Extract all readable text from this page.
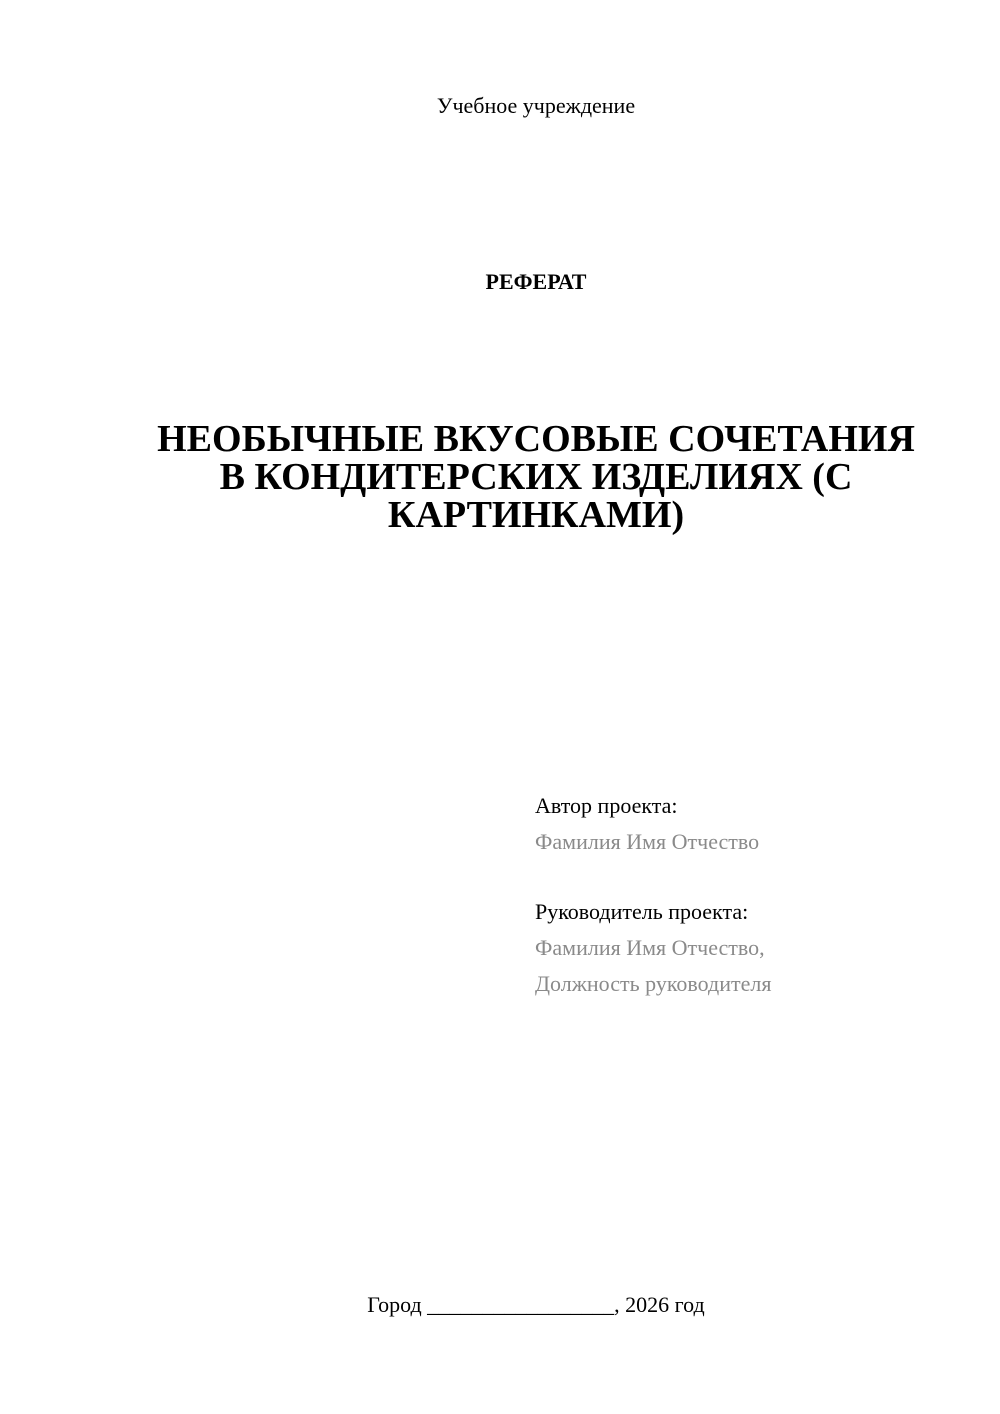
Учебное учреждение
РЕФЕРАТ
НЕОБЫЧНЫЕ ВКУСОВЫЕ СОЧЕТАНИЯ
В КОНДИТЕРСКИХ ИЗДЕЛИЯХ (С
КАРТИНКАМИ)
Автор проекта:
Фамилия Имя Отчество
Руководитель проекта:
Фамилия Имя Отчество,
Должность руководителя
Город _________________, 2026 год
